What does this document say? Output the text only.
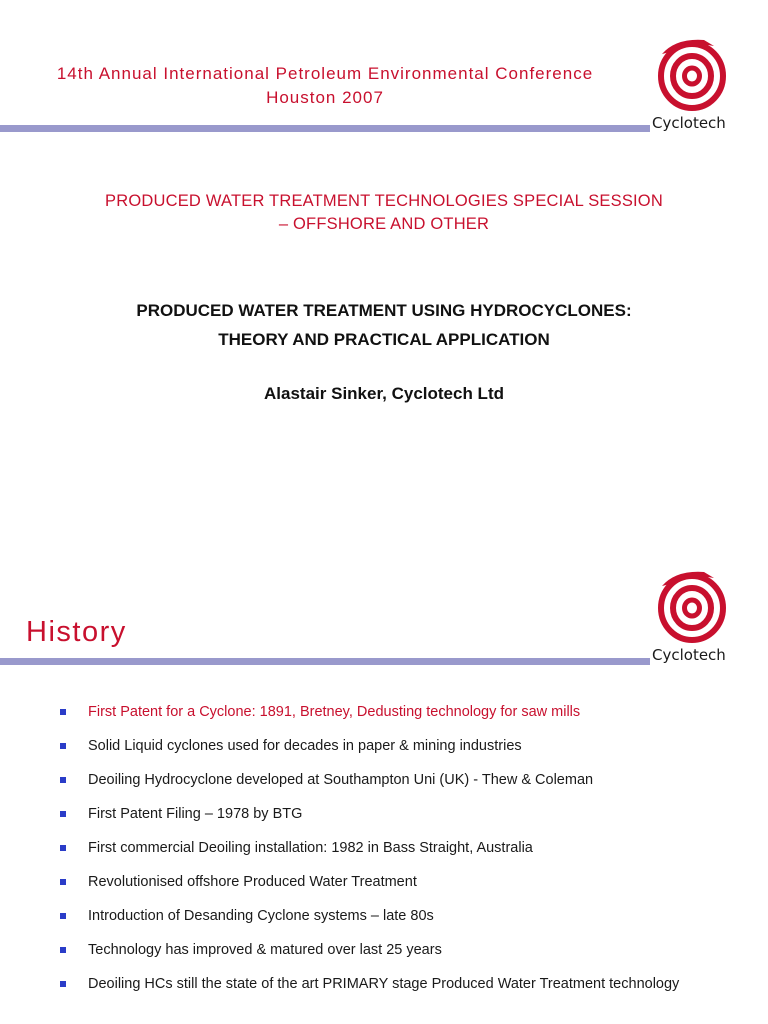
14th Annual International Petroleum Environmental Conference
Houston 2007
Cyclotech
PRODUCED WATER TREATMENT TECHNOLOGIES SPECIAL SESSION
– OFFSHORE AND OTHER
PRODUCED WATER TREATMENT USING HYDROCYCLONES:
THEORY AND PRACTICAL APPLICATION
Alastair Sinker, Cyclotech Ltd
History
Cyclotech
First Patent for a Cyclone: 1891, Bretney, Dedusting technology for saw mills
Solid Liquid cyclones used for decades in paper & mining industries
Deoiling Hydrocyclone developed at Southampton Uni (UK) - Thew & Coleman
First Patent Filing – 1978 by BTG
First commercial Deoiling installation: 1982 in Bass Straight, Australia
Revolutionised offshore Produced Water Treatment
Introduction of Desanding Cyclone systems – late 80s
Technology has improved & matured over last 25 years
Deoiling HCs still the state of the art PRIMARY stage Produced Water Treatment technology
